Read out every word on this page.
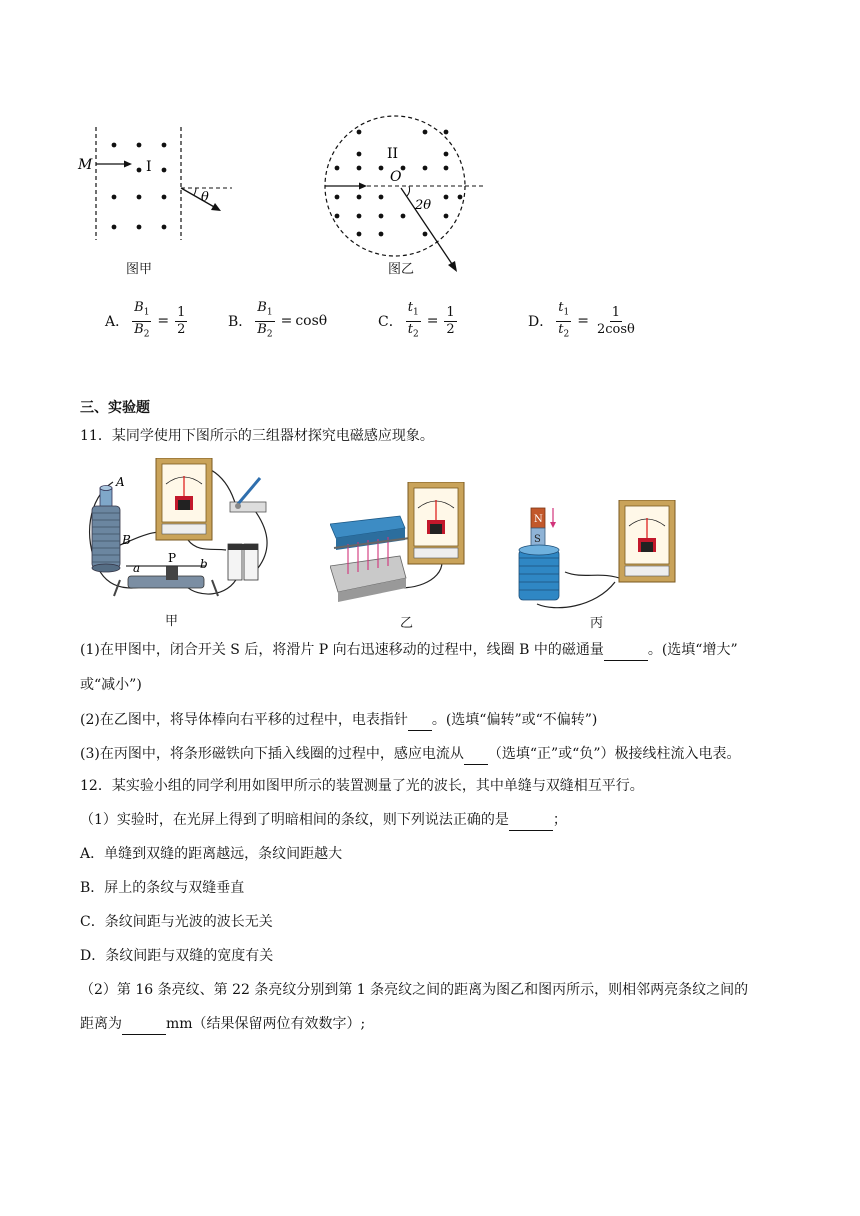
M	I
θ
图甲
II
O
2θ
图乙
A． $\frac{B_1}{B_2} = \frac{1}{2}$	B． $\frac{B_1}{B_2} = \cos\theta$	C． $\frac{t_1}{t_2} = \frac{1}{2}$	D． $\frac{t_1}{t_2} = \frac{1}{2\cos\theta}$
三、实验题
11．某同学使用下图所示的三组器材探究电磁感应现象。
A
B
P
a	b
甲	乙
N
S
丙
(1)在甲图中，闭合开关 S 后，将滑片 P 向右迅速移动的过程中，线圈 B 中的磁通量	。(选填“增大”
或“减小”)
(2)在乙图中，将导体棒向右平移的过程中，电表指针 。(选填“偏转”或“不偏转”)
(3)在丙图中，将条形磁铁向下插入线圈的过程中，感应电流从 （选填“正”或“负”）极接线柱流入电表。
12．某实验小组的同学利用如图甲所示的装置测量了光的波长，其中单缝与双缝相互平行。
（1）实验时，在光屏上得到了明暗相间的条纹，则下列说法正确的是	；
A．单缝到双缝的距离越远，条纹间距越大
B．屏上的条纹与双缝垂直
C．条纹间距与光波的波长无关
D．条纹间距与双缝的宽度有关
（2）第 16 条亮纹、第 22 条亮纹分别到第 1 条亮纹之间的距离为图乙和图丙所示，则相邻两亮条纹之间的
距离为	mm（结果保留两位有效数字）;
